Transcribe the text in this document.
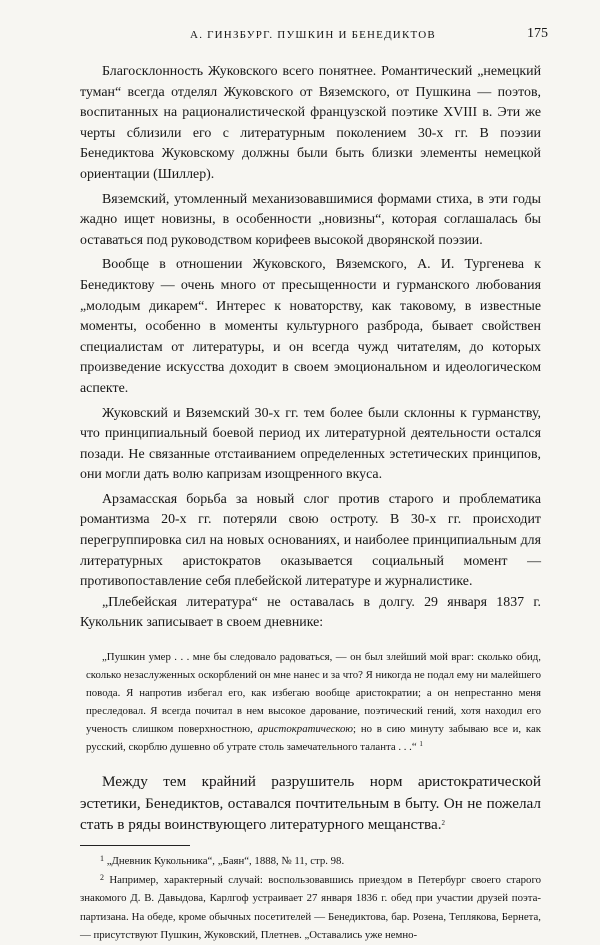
А. ГИНЗБУРГ. ПУШКИН И БЕНЕДИКТОВ	175

Благосклонность Жуковского всего понятнее. Романтический „немецкий туман“ всегда отделял Жуковского от Вяземского, от Пушкина — поэтов, воспитанных на рационалистической французской поэтике XVIII в. Эти же черты сблизили его с литературным поколением 30-х гг. В поэзии Бенедиктова Жуковскому должны были быть близки элементы немецкой ориентации (Шиллер).

Вяземский, утомленный механизовавшимися формами стиха, в эти годы жадно ищет новизны, в особенности „новизны“, которая соглашалась бы оставаться под руководством корифеев высокой дворянской поэзии.

Вообще в отношении Жуковского, Вяземского, А. И. Тургенева к Бенедиктову — очень много от пресыщенности и гурманского любования „молодым дикарем“. Интерес к новаторству, как таковому, в известные моменты, особенно в моменты культурного разброда, бывает свойствен специалистам от литературы, и он всегда чужд читателям, до которых произведение искусства доходит в своем эмоциональном и идеологическом аспекте.

Жуковский и Вяземский 30-х гг. тем более были склонны к гурманству, что принципиальный боевой период их литературной деятельности остался позади. Не связанные отстаиванием определенных эстетических принципов, они могли дать волю капризам изощренного вкуса.

Арзамасская борьба за новый слог против старого и проблематика романтизма 20-х гг. потеряли свою остроту. В 30-х гг. происходит перегруппировка сил на новых основаниях, и наиболее принципиальным для литературных аристократов оказывается социальный момент — противопоставление себя плебейской литературе и журналистике.

„Плебейская литература“ не оставалась в долгу. 29 января 1837 г. Кукольник записывает в своем дневнике:

„Пушкин умер . . . мне бы следовало радоваться, — он был злейший мой враг: сколько обид, сколько незаслуженных оскорблений он мне нанес и за что? Я никогда не подал ему ни малейшего повода. Я напротив избегал его, как избегаю вообще аристократии; а он непрестанно меня преследовал. Я всегда почитал в нем высокое дарование, поэтический гений, хотя находил его ученость слишком поверхностною, аристократическою; но в сию минуту забываю все и, как русский, скорблю душевно об утрате столь замечательного таланта . . .“ $^1$

Между тем крайний разрушитель норм аристократической эстетики, Бенедиктов, оставался почтительным в быту. Он не пожелал стать в ряды воинствующего литературного мещанства.$^2$

$^1$ „Дневник Кукольника“, „Баян“, 1888, № 11, стр. 98.

$^2$ Например, характерный случай: воспользовавшись приездом в Петербург своего старого знакомого Д. В. Давыдова, Карлгоф устраивает 27 января 1836 г. обед при участии друзей поэта-партизана. На обеде, кроме обычных посетителей — Бенедиктова, бар. Розена, Теплякова, Бернета, — присутствуют Пушкин, Жуковский, Плетнев. „Оставались уже немно-
